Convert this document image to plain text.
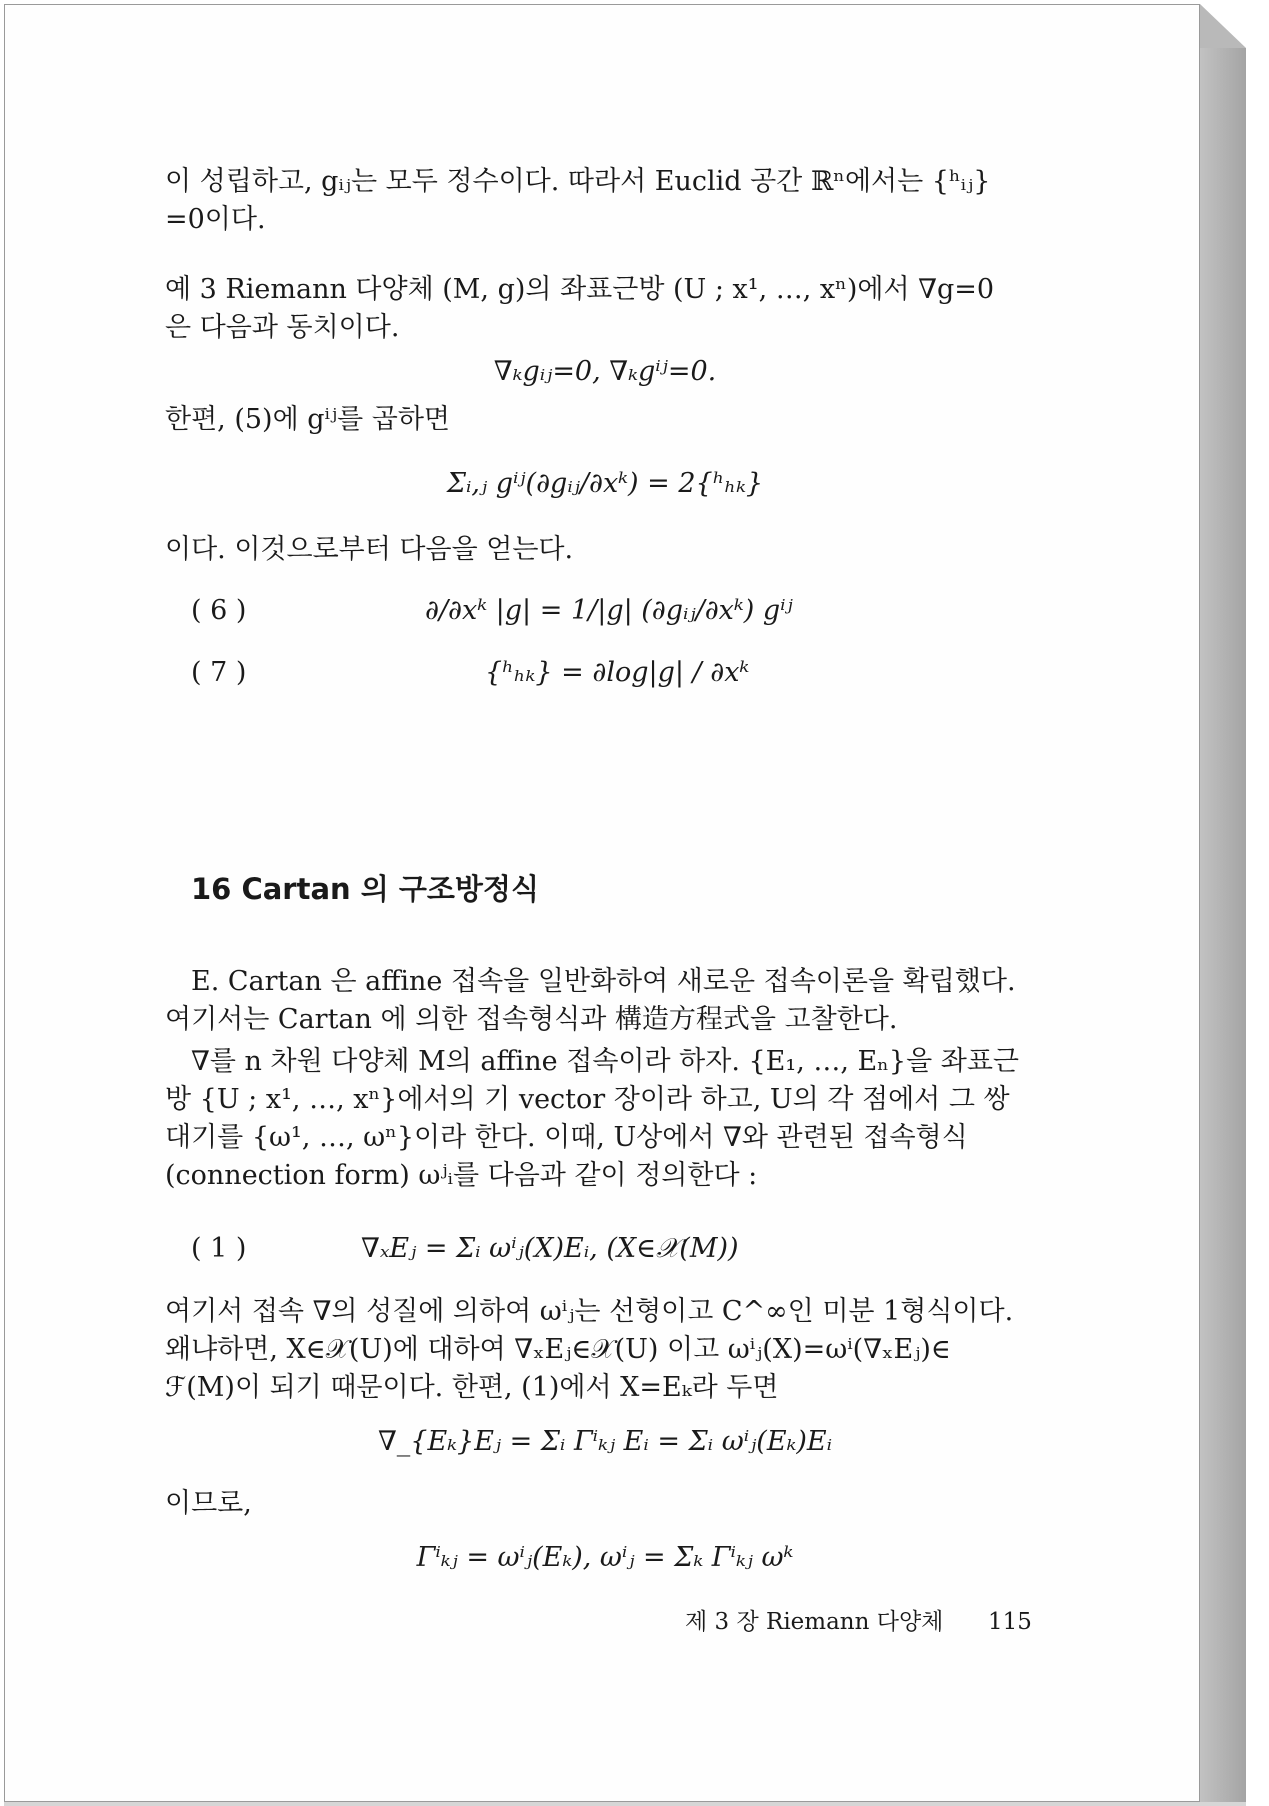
이 성립하고, gᵢⱼ는 모두 정수이다. 따라서 Euclid 공간 ℝⁿ에서는 {ʰᵢⱼ}
=0이다.
예 3 Riemann 다양체 (M, g)의 좌표근방 (U ; x¹, …, xⁿ)에서 ∇g=0
은 다음과 동치이다.
∇ₖgᵢⱼ=0, ∇ₖgⁱʲ=0.
한편, (5)에 gⁱʲ를 곱하면
Σᵢ,ⱼ gⁱʲ(∂gᵢⱼ/∂xᵏ) = 2{ʰₕₖ}
이다. 이것으로부터 다음을 얻는다.
( 6 )	∂/∂xᵏ |g| = 1/|g| (∂gᵢⱼ/∂xᵏ) gⁱʲ
( 7 )	{ʰₕₖ} = ∂log|g| / ∂xᵏ
16 Cartan 의 구조방정식
E. Cartan 은 affine 접속을 일반화하여 새로운 접속이론을 확립했다.
여기서는 Cartan 에 의한 접속형식과 構造方程式을 고찰한다.
∇를 n 차원 다양체 M의 affine 접속이라 하자. {E₁, …, Eₙ}을 좌표근
방 {U ; x¹, …, xⁿ}에서의 기 vector 장이라 하고, U의 각 점에서 그 쌍
대기를 {ω¹, …, ωⁿ}이라 한다. 이때, U상에서 ∇와 관련된 접속형식
(connection form) ωʲᵢ를 다음과 같이 정의한다 :
( 1 )	∇ₓEⱼ = Σᵢ ωⁱⱼ(X)Eᵢ, (X∈𝒳(M))
여기서 접속 ∇의 성질에 의하여 ωⁱⱼ는 선형이고 C^∞인 미분 1형식이다.
왜냐하면, X∈𝒳(U)에 대하여 ∇ₓEⱼ∈𝒳(U) 이고 ωⁱⱼ(X)=ωⁱ(∇ₓEⱼ)∈
ℱ(M)이 되기 때문이다. 한편, (1)에서 X=Eₖ라 두면
∇_{Eₖ}Eⱼ = Σᵢ Γⁱₖⱼ Eᵢ = Σᵢ ωⁱⱼ(Eₖ)Eᵢ
이므로,
Γⁱₖⱼ = ωⁱⱼ(Eₖ), ωⁱⱼ = Σₖ Γⁱₖⱼ ωᵏ
제 3 장 Riemann 다양체 115
